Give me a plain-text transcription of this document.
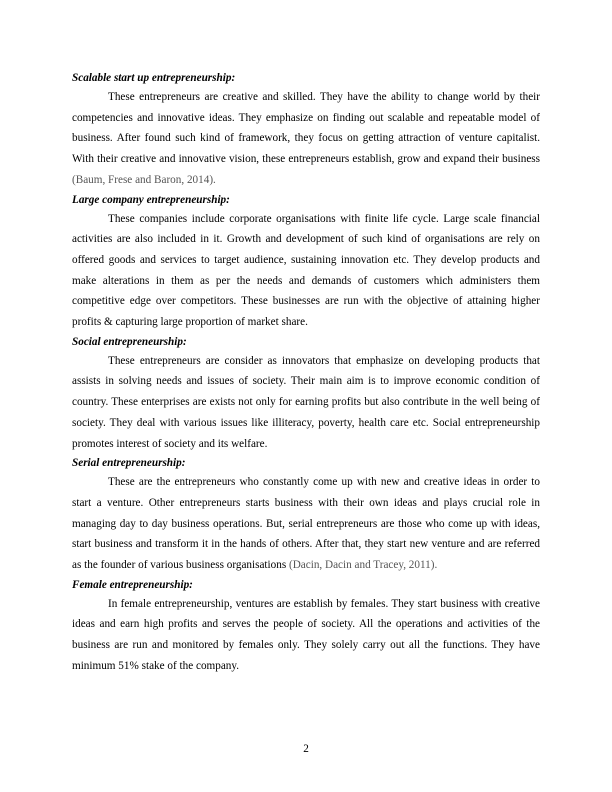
Scalable start up entrepreneurship:

These entrepreneurs are creative and skilled. They have the ability to change world by their competencies and innovative ideas. They emphasize on finding out scalable and repeatable model of business. After found such kind of framework, they focus on getting attraction of venture capitalist. With their creative and innovative vision, these entrepreneurs establish, grow and expand their business (Baum, Frese and Baron, 2014).

Large company entrepreneurship:

These companies include corporate organisations with finite life cycle. Large scale financial activities are also included in it. Growth and development of such kind of organisations are rely on offered goods and services to target audience, sustaining innovation etc. They develop products and make alterations in them as per the needs and demands of customers which administers them competitive edge over competitors. These businesses are run with the objective of attaining higher profits & capturing large proportion of market share.

Social entrepreneurship:

These entrepreneurs are consider as innovators that emphasize on developing products that assists in solving needs and issues of society. Their main aim is to improve economic condition of country. These enterprises are exists not only for earning profits but also contribute in the well being of society. They deal with various issues like illiteracy, poverty, health care etc. Social entrepreneurship promotes interest of society and its welfare.

Serial entrepreneurship:

These are the entrepreneurs who constantly come up with new and creative ideas in order to start a venture. Other entrepreneurs starts business with their own ideas and plays crucial role in managing day to day business operations. But, serial entrepreneurs are those who come up with ideas, start business and transform it in the hands of others. After that, they start new venture and are referred as the founder of various business organisations (Dacin, Dacin and Tracey, 2011).

Female entrepreneurship:

In female entrepreneurship, ventures are establish by females. They start business with creative ideas and earn high profits and serves the people of society. All the operations and activities of the business are run and monitored by females only. They solely carry out all the functions. They have minimum 51% stake of the company.

2
